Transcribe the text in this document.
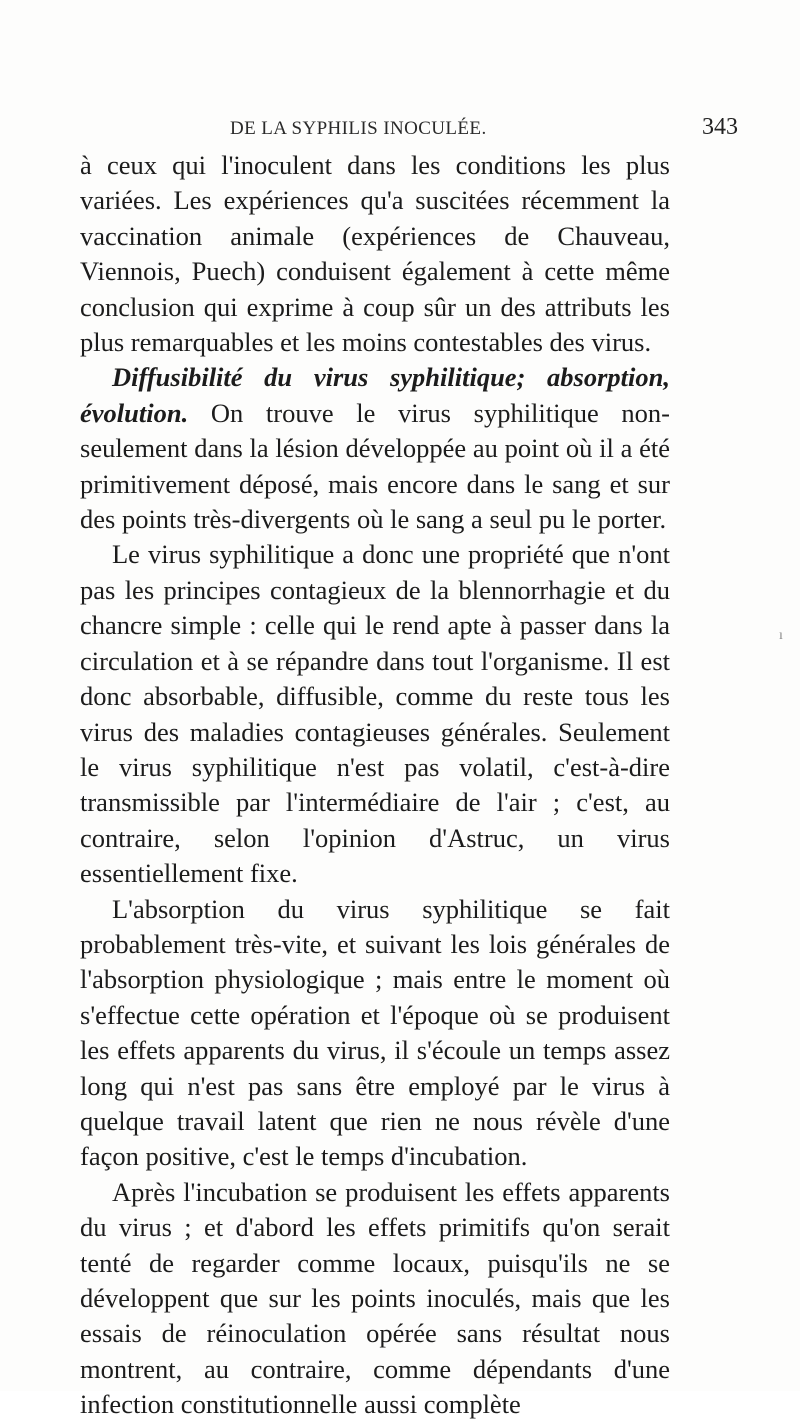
DE LA SYPHILIS INOCULÉE.	343

à ceux qui l'inoculent dans les conditions les plus variées. Les expériences qu'a suscitées récemment la vaccination animale (expériences de Chauveau, Viennois, Puech) conduisent également à cette même conclusion qui exprime à coup sûr un des attributs les plus remarquables et les moins contestables des virus.

Diffusibilité du virus syphilitique; absorption, évolution. On trouve le virus syphilitique non-seulement dans la lésion développée au point où il a été primitivement déposé, mais encore dans le sang et sur des points très-divergents où le sang a seul pu le porter.

Le virus syphilitique a donc une propriété que n'ont pas les principes contagieux de la blennorrhagie et du chancre simple : celle qui le rend apte à passer dans la circulation et à se répandre dans tout l'organisme. Il est donc absorbable, diffusible, comme du reste tous les virus des maladies contagieuses générales. Seulement le virus syphilitique n'est pas volatil, c'est-à-dire transmissible par l'intermédiaire de l'air ; c'est, au contraire, selon l'opinion d'Astruc, un virus essentiellement fixe.

L'absorption du virus syphilitique se fait probablement très-vite, et suivant les lois générales de l'absorption physiologique ; mais entre le moment où s'effectue cette opération et l'époque où se produisent les effets apparents du virus, il s'écoule un temps assez long qui n'est pas sans être employé par le virus à quelque travail latent que rien ne nous révèle d'une façon positive, c'est le temps d'incubation.

Après l'incubation se produisent les effets apparents du virus ; et d'abord les effets primitifs qu'on serait tenté de regarder comme locaux, puisqu'ils ne se développent que sur les points inoculés, mais que les essais de réinoculation opérée sans résultat nous montrent, au contraire, comme dépendants d'une infection constitutionnelle aussi complète

ı
